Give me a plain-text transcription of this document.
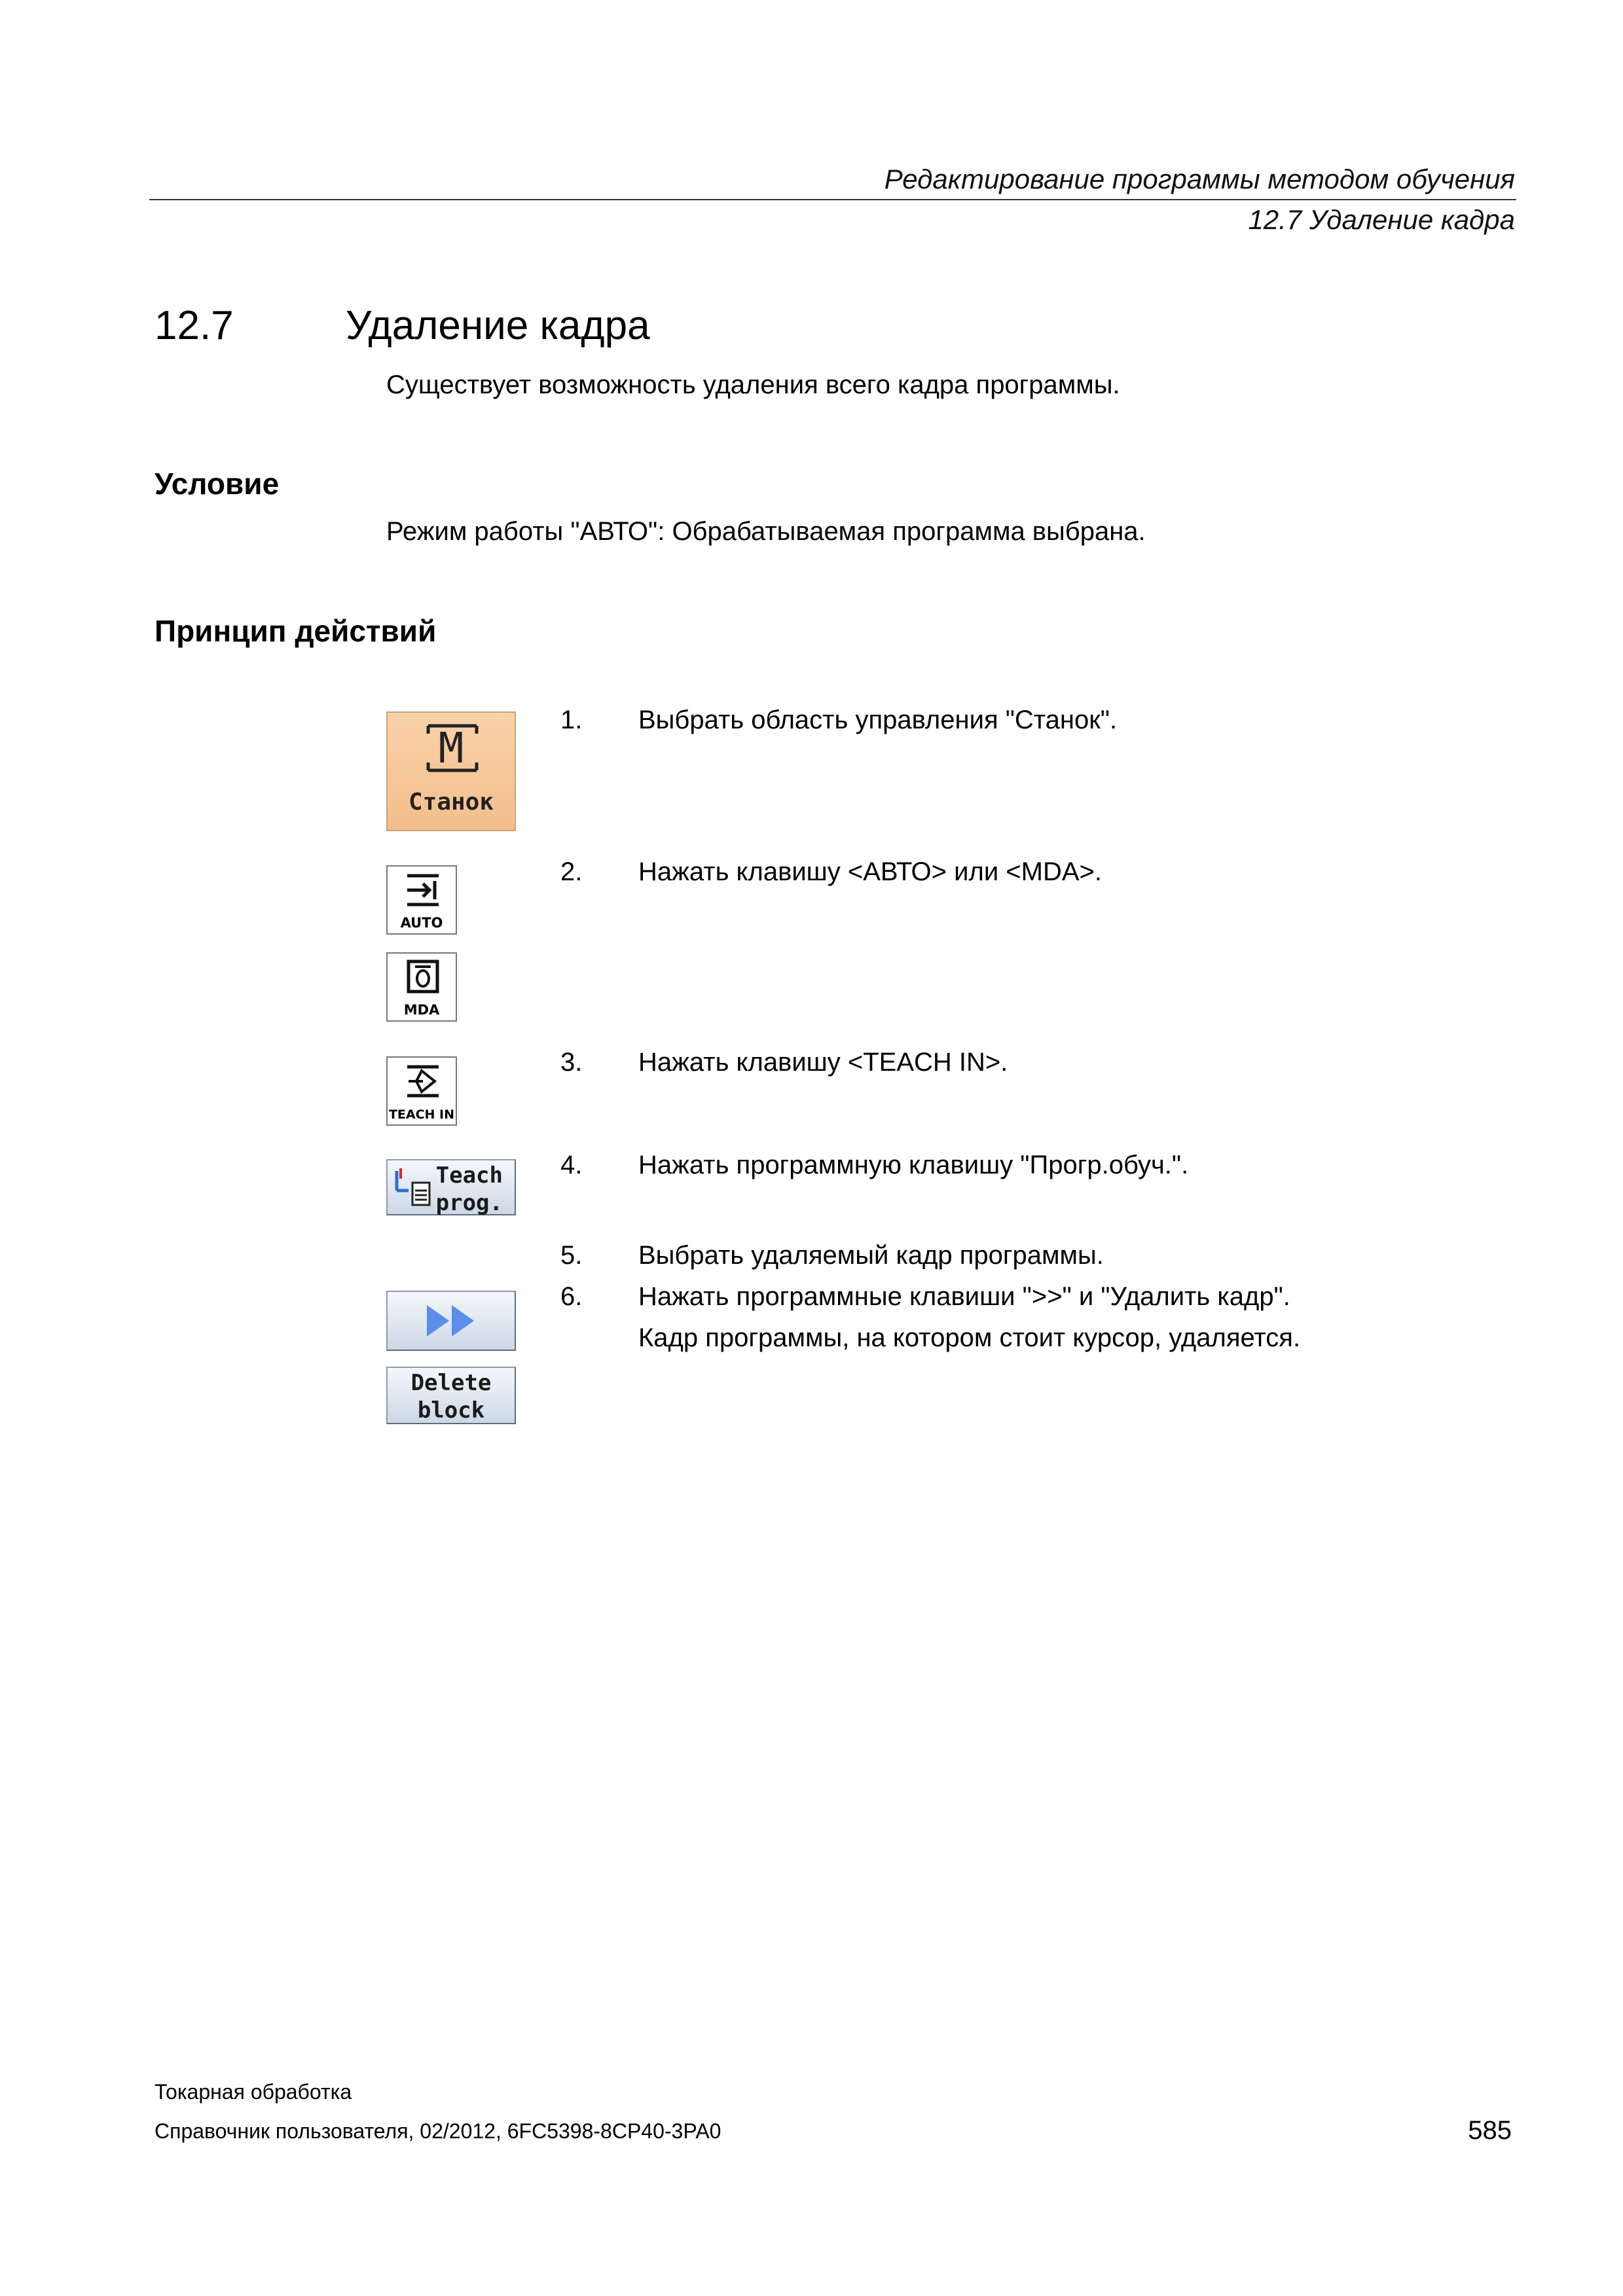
Редактирование программы методом обучения
12.7 Удаление кадра
12.7	Удаление кадра
Существует возможность удаления всего кадра программы.
Условие
Режим работы "АВТО": Обрабатываемая программа выбрана.
Принцип действий
M
Станок
1. Выбрать область управления "Станок".
AUTO
MDA
2. Нажать клавишу <АВТО> или <MDA>.
TEACH IN
3. Нажать клавишу <TEACH IN>.
Teach
prog.
4. Нажать программную клавишу "Прогр.обуч.".
5. Выбрать удаляемый кадр программы.
Delete
block
6. Нажать программные клавиши ">>" и "Удалить кадр".
Кадр программы, на котором стоит курсор, удаляется.
Токарная обработка
Справочник пользователя, 02/2012, 6FC5398-8CP40-3PA0	585
